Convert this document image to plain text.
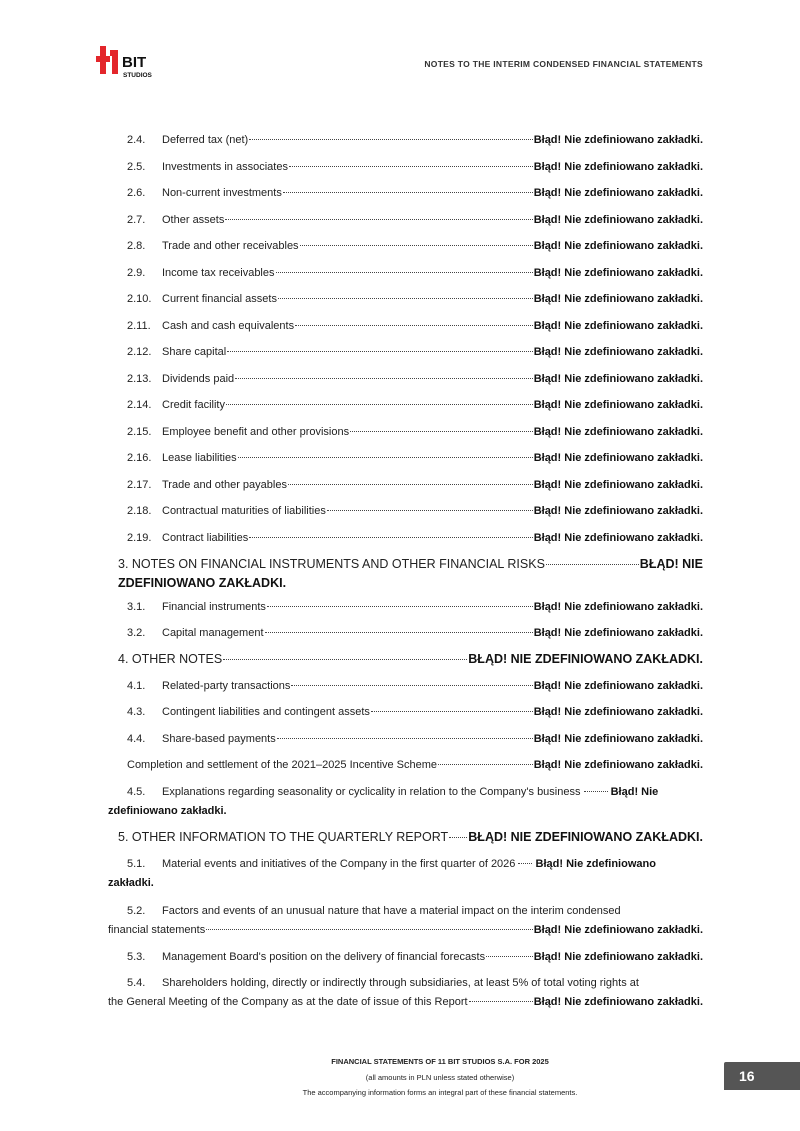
BIT
STUDIOS
NOTES TO THE INTERIM CONDENSED FINANCIAL STATEMENTS
2.4.	Deferred tax (net)	Błąd! Nie zdefiniowano zakładki.
2.5.	Investments in associates	Błąd! Nie zdefiniowano zakładki.
2.6.	Non-current investments	Błąd! Nie zdefiniowano zakładki.
2.7.	Other assets	Błąd! Nie zdefiniowano zakładki.
2.8.	Trade and other receivables	Błąd! Nie zdefiniowano zakładki.
2.9.	Income tax receivables	Błąd! Nie zdefiniowano zakładki.
2.10. Current financial assets	Błąd! Nie zdefiniowano zakładki.
2.11.	Cash and cash equivalents	Błąd! Nie zdefiniowano zakładki.
2.12. Share capital	Błąd! Nie zdefiniowano zakładki.
2.13. Dividends paid	Błąd! Nie zdefiniowano zakładki.
2.14. Credit facility	Błąd! Nie zdefiniowano zakładki.
2.15. Employee benefit and other provisions	Błąd! Nie zdefiniowano zakładki.
2.16. Lease liabilities	Błąd! Nie zdefiniowano zakładki.
2.17. Trade and other payables	Błąd! Nie zdefiniowano zakładki.
2.18. Contractual maturities of liabilities	Błąd! Nie zdefiniowano zakładki.
2.19. Contract liabilities	Błąd! Nie zdefiniowano zakładki.
3. NOTES ON FINANCIAL INSTRUMENTS AND OTHER FINANCIAL RISKS	BŁĄD! NIE
ZDEFINIOWANO ZAKŁADKI.
3.1.	Financial instruments	Błąd! Nie zdefiniowano zakładki.
3.2.	Capital management	Błąd! Nie zdefiniowano zakładki.
4. OTHER NOTES	BŁĄD! NIE ZDEFINIOWANO ZAKŁADKI.
4.1.	Related-party transactions	Błąd! Nie zdefiniowano zakładki.
4.3.	Contingent liabilities and contingent assets	Błąd! Nie zdefiniowano zakładki.
4.4.	Share-based payments	Błąd! Nie zdefiniowano zakładki.
Completion and settlement of the 2021–2025 Incentive Scheme	Błąd! Nie zdefiniowano zakładki.
4.5. Explanations regarding seasonality or cyclicality in relation to the Company's business	Błąd! Nie
zdefiniowano zakładki.
5. OTHER INFORMATION TO THE QUARTERLY REPORT BŁĄD! NIE ZDEFINIOWANO ZAKŁADKI.
5.1. Material events and initiatives of the Company in the first quarter of 2026 Błąd! Nie zdefiniowano
zakładki.
5.2. Factors and events of an unusual nature that have a material impact on the interim condensed
financial statements	Błąd! Nie zdefiniowano zakładki.
5.3.	Management Board's position on the delivery of financial forecasts	Błąd! Nie zdefiniowano zakładki.
5.4. Shareholders holding, directly or indirectly through subsidiaries, at least 5% of total voting rights at
the General Meeting of the Company as at the date of issue of this Report	Błąd! Nie zdefiniowano zakładki.
FINANCIAL STATEMENTS OF 11 BIT STUDIOS S.A. FOR 2025
(all amounts in PLN unless stated otherwise)
The accompanying information forms an integral part of these financial statements.
16
